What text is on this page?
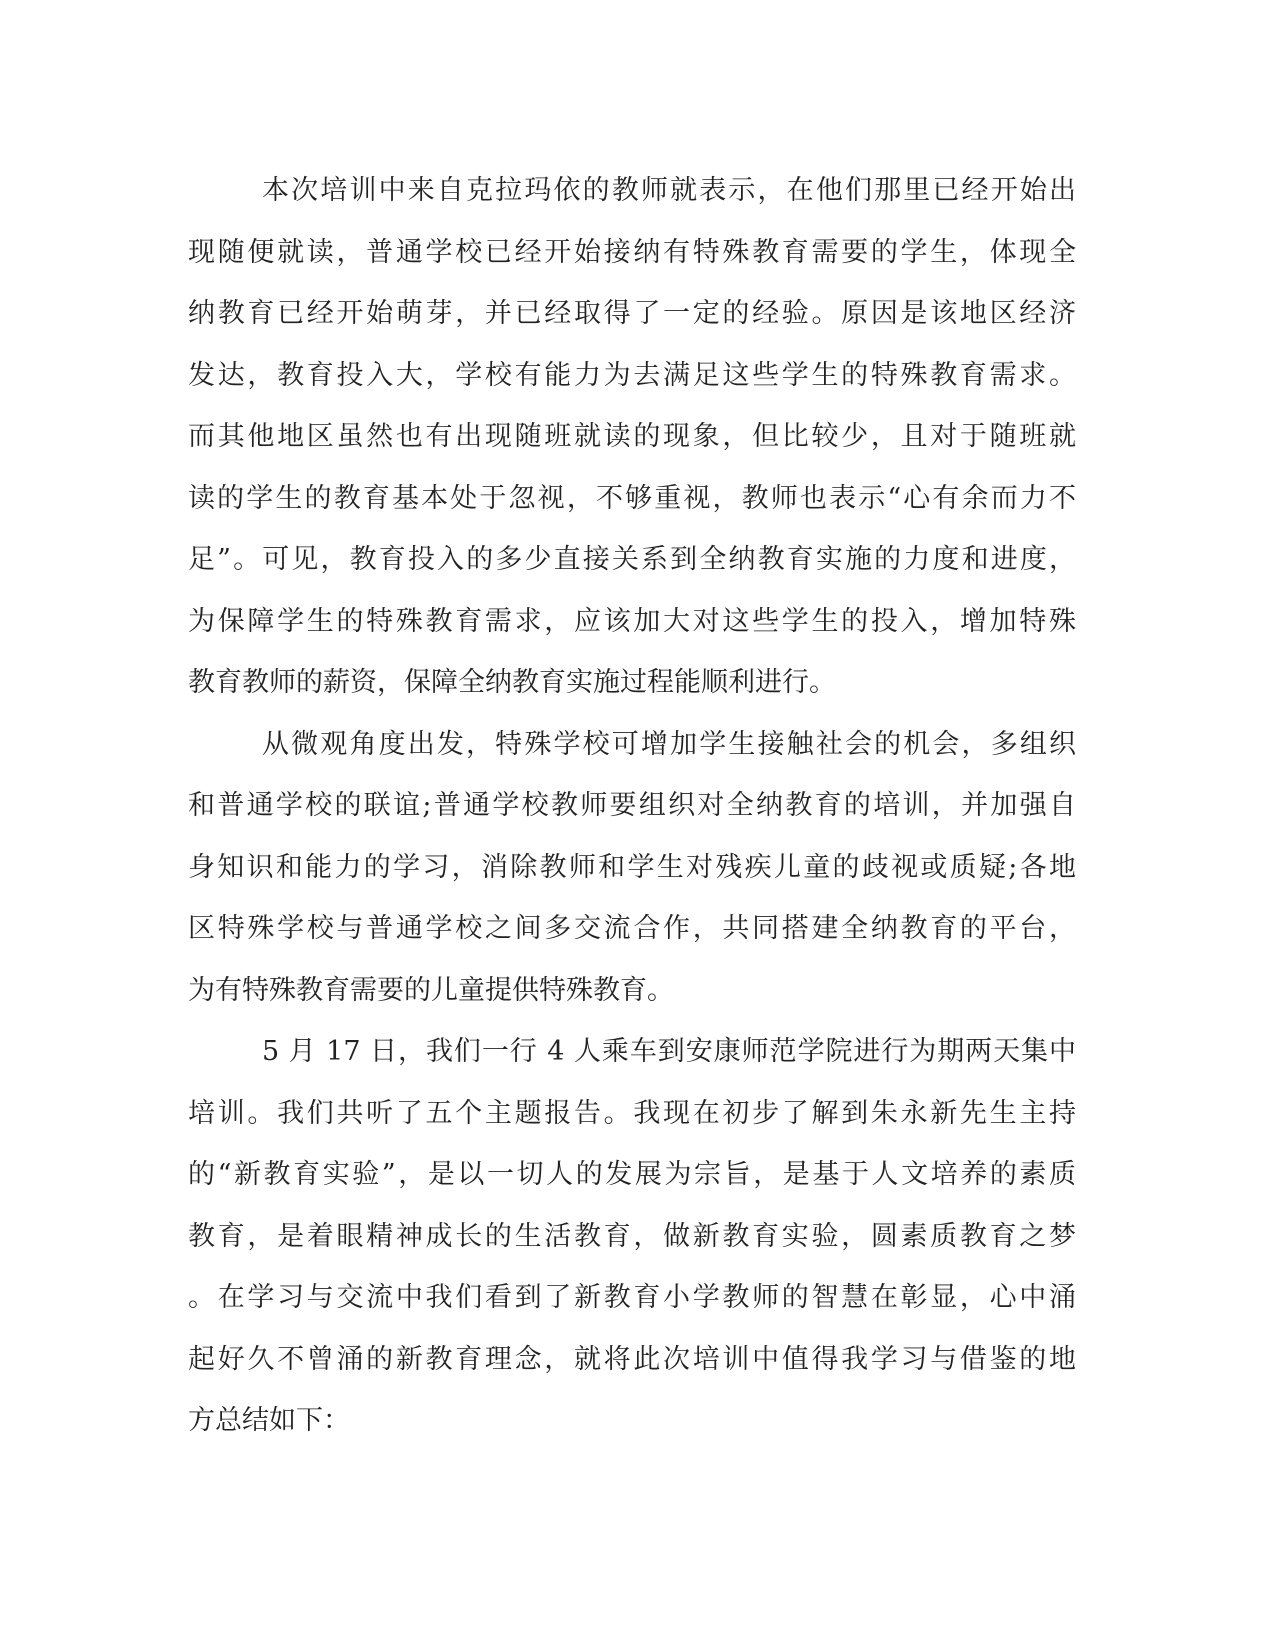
本次培训中来自克拉玛依的教师就表示，在他们那里已经开始出
现随便就读，普通学校已经开始接纳有特殊教育需要的学生，体现全
纳教育已经开始萌芽，并已经取得了一定的经验。原因是该地区经济
发达，教育投入大，学校有能力为去满足这些学生的特殊教育需求。
而其他地区虽然也有出现随班就读的现象，但比较少，且对于随班就
读的学生的教育基本处于忽视，不够重视，教师也表示“心有余而力不
足”。可见，教育投入的多少直接关系到全纳教育实施的力度和进度，
为保障学生的特殊教育需求，应该加大对这些学生的投入，增加特殊
教育教师的薪资，保障全纳教育实施过程能顺利进行。
从微观角度出发，特殊学校可增加学生接触社会的机会，多组织
和普通学校的联谊;普通学校教师要组织对全纳教育的培训，并加强自
身知识和能力的学习，消除教师和学生对残疾儿童的歧视或质疑;各地
区特殊学校与普通学校之间多交流合作，共同搭建全纳教育的平台，
为有特殊教育需要的儿童提供特殊教育。
5 月 17 日，我们一行 4 人乘车到安康师范学院进行为期两天集中
培训。我们共听了五个主题报告。我现在初步了解到朱永新先生主持
的“新教育实验”，是以一切人的发展为宗旨，是基于人文培养的素质
教育，是着眼精神成长的生活教育，做新教育实验，圆素质教育之梦
。在学习与交流中我们看到了新教育小学教师的智慧在彰显，心中涌
起好久不曾涌的新教育理念，就将此次培训中值得我学习与借鉴的地
方总结如下：
